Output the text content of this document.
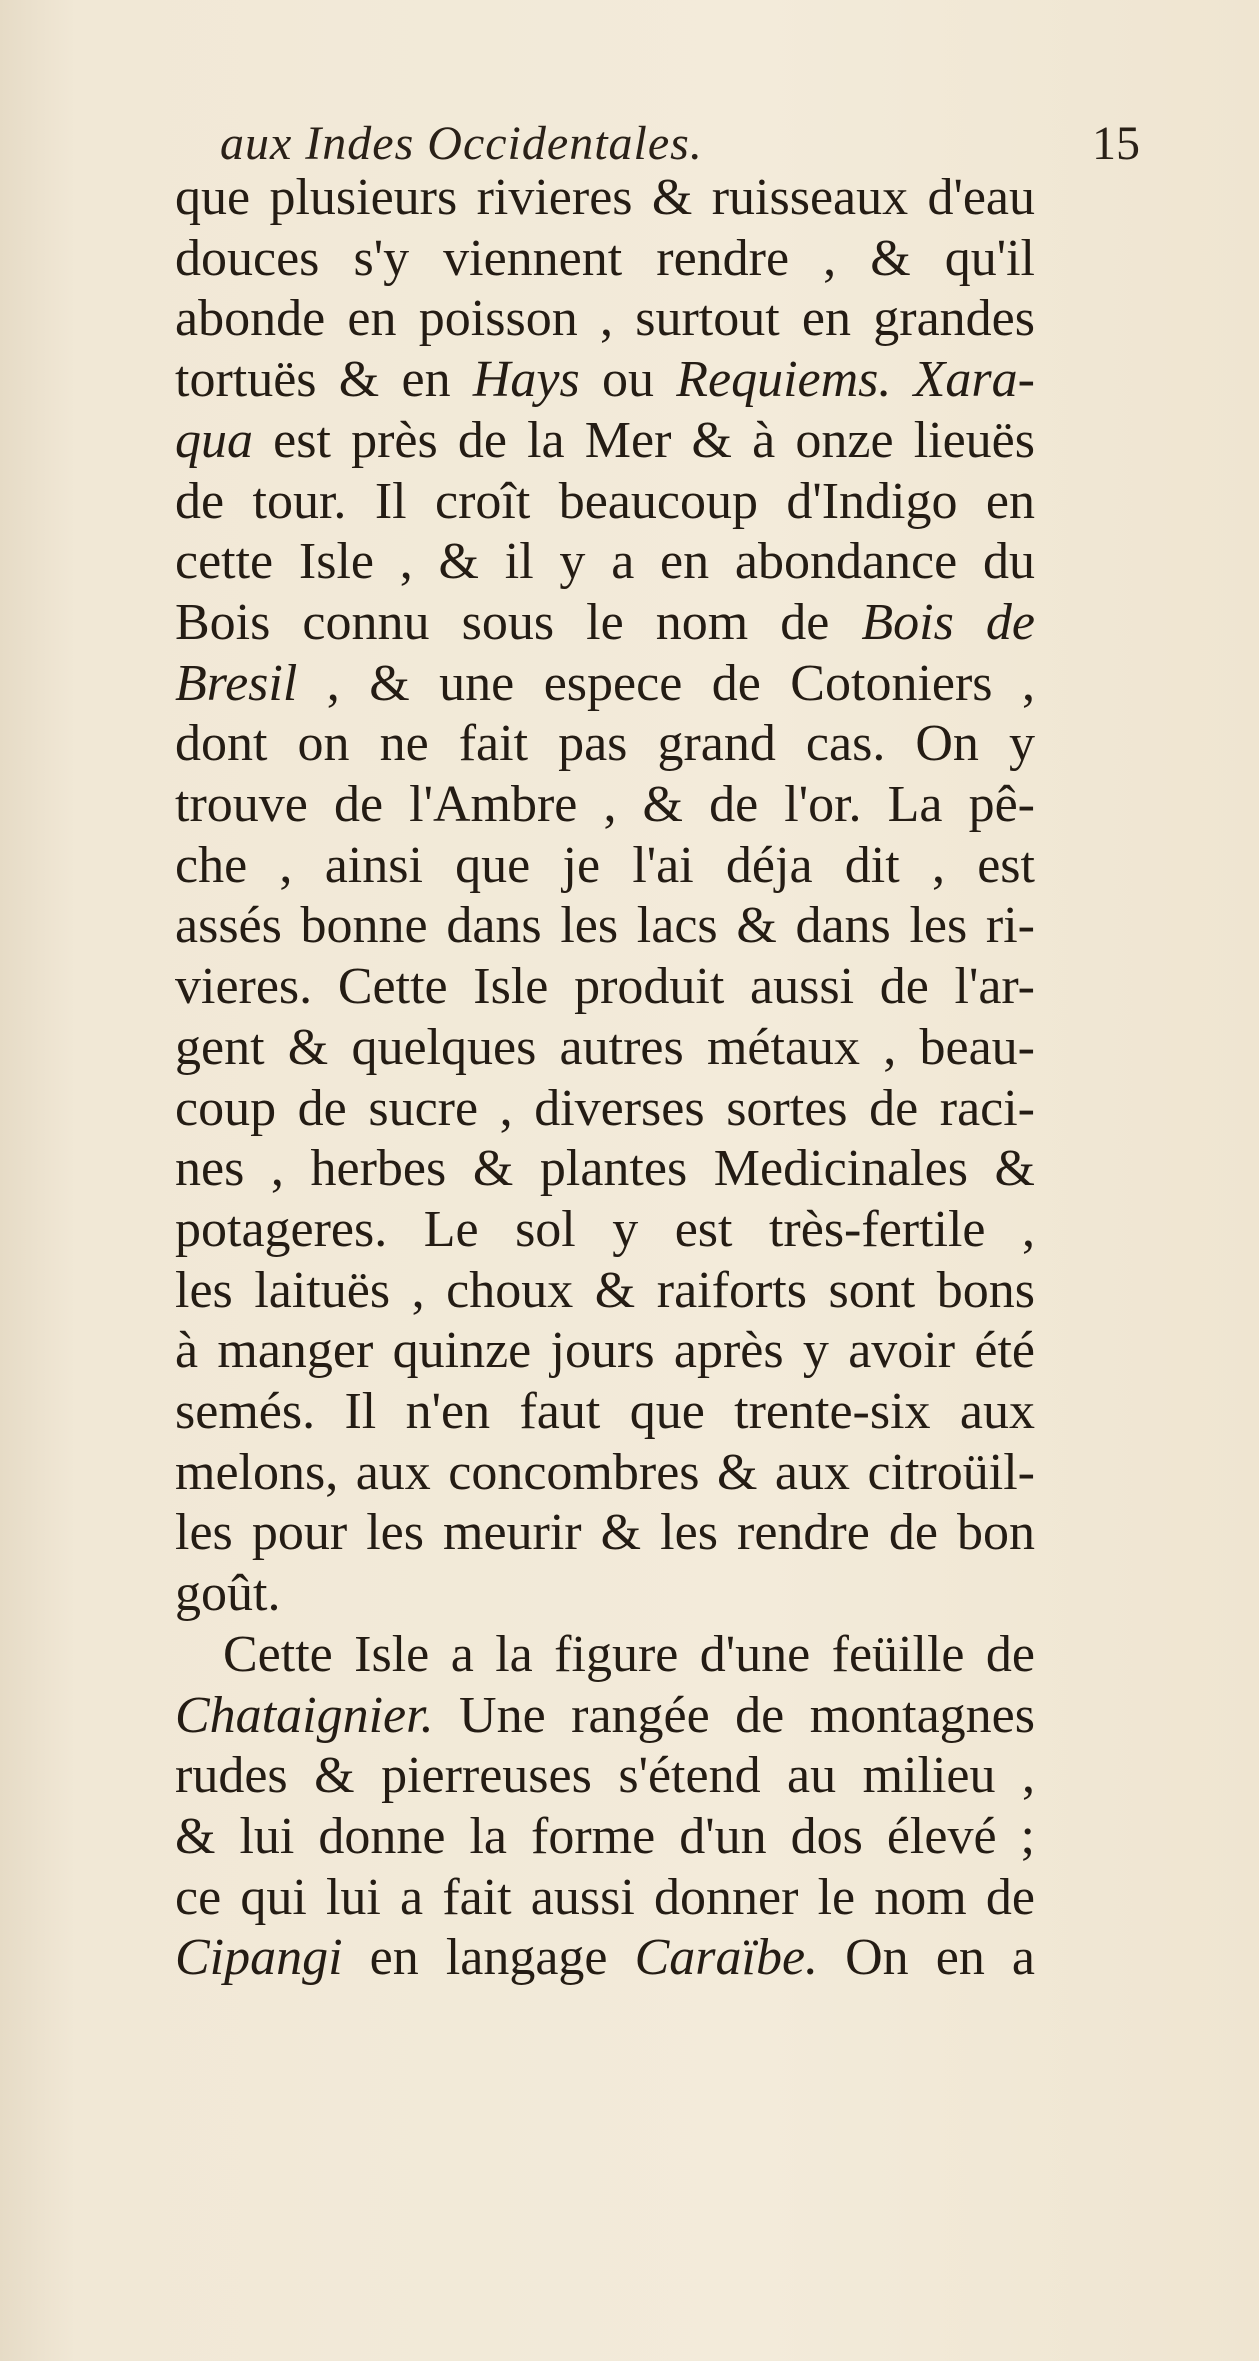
aux Indes Occidentales.	15
que plusieurs rivieres & ruisseaux d'eau
douces s'y viennent rendre , & qu'il
abonde en poisson , surtout en grandes
tortuës & en Hays ou Requiems. Xara-
qua est près de la Mer & à onze lieuës
de tour. Il croît beaucoup d'Indigo en
cette Isle , & il y a en abondance du
Bois connu sous le nom de Bois de
Bresil , & une espece de Cotoniers ,
dont on ne fait pas grand cas. On y
trouve de l'Ambre , & de l'or. La pê-
che , ainsi que je l'ai déja dit , est
assés bonne dans les lacs & dans les ri-
vieres. Cette Isle produit aussi de l'ar-
gent & quelques autres métaux , beau-
coup de sucre , diverses sortes de raci-
nes , herbes & plantes Medicinales &
potageres. Le sol y est très-fertile ,
les laituës , choux & raiforts sont bons
à manger quinze jours après y avoir été
semés. Il n'en faut que trente-six aux
melons, aux concombres & aux citroüil-
les pour les meurir & les rendre de bon
goût.
Cette Isle a la figure d'une feüille de
Chataignier. Une rangée de montagnes
rudes & pierreuses s'étend au milieu ,
& lui donne la forme d'un dos élevé ;
ce qui lui a fait aussi donner le nom de
Cipangi en langage Caraïbe. On en a
